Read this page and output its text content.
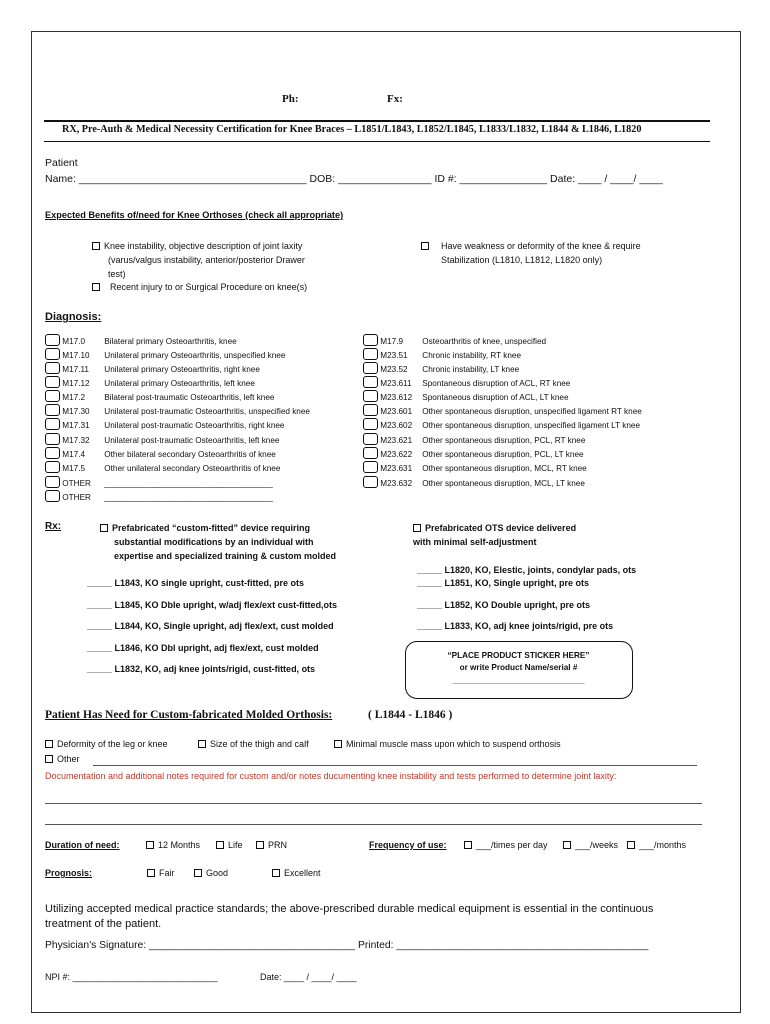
Ph:	Fx:
RX, Pre-Auth & Medical Necessity Certification for Knee Braces – L1851/L1843, L1852/L1845, L1833/L1832, L1844 & L1846, L1820
Patient
Name: _______________________________________ DOB: ________________ ID #: _______________ Date: ____ / ____/ ____
Expected Benefits of/need for Knee Orthoses (check all appropriate)
Knee instability, objective description of joint laxity
(varus/valgus instability, anterior/posterior Drawer
test)
Recent injury to or Surgical Procedure on knee(s)
Have weakness or deformity of the knee & require
Stabilization (L1810, L1812, L1820 only)
Diagnosis:
M17.0 Bilateral primary Osteoarthritis, knee
M17.10 Unilateral primary Osteoarthritis, unspecified knee
M17.11 Unilateral primary Osteoarthritis, right knee
M17.12 Unilateral primary Osteoarthritis, left knee
M17.2 Bilateral post-traumatic Osteoarthritis, left knee
M17.30 Unilateral post-traumatic Osteoarthritis, unspecified knee
M17.31 Unilateral post-traumatic Osteoarthritis, right knee
M17.32 Unilateral post-traumatic Osteoarthritis, left knee
M17.4 Other bilateral secondary Osteoarthritis of knee
M17.5 Other unilateral secondary Osteoarthritis of knee
OTHER _____________________________________
OTHER _____________________________________
M17.9 Osteoarthritis of knee, unspecified
M23.51 Chronic instability, RT knee
M23.52 Chronic instability, LT knee
M23.611 Spontaneous disruption of ACL, RT knee
M23.612 Spontaneous disruption of ACL, LT knee
M23.601 Other spontaneous disruption, unspecified ligament RT knee
M23.602 Other spontaneous disruption, unspecified ligament LT knee
M23.621 Other spontaneous disruption, PCL, RT knee
M23.622 Other spontaneous disruption, PCL, LT knee
M23.631 Other spontaneous disruption, MCL, RT knee
M23.632 Other spontaneous disruption, MCL, LT knee
Rx:	Prefabricated “custom-fitted” device requiring
substantial modifications by an individual with
expertise and specialized training & custom molded
Prefabricated OTS device delivered
with minimal self-adjustment
_____ L1843, KO single upright, cust-fitted, pre ots
_____ L1845, KO Dble upright, w/adj flex/ext cust-fitted,ots
_____ L1844, KO, Single upright, adj flex/ext, cust molded
_____ L1846, KO Dbl upright, adj flex/ext, cust molded
_____ L1832, KO, adj knee joints/rigid, cust-fitted, ots
_____ L1820, KO, Elestic, joints, condylar pads, ots
_____ L1851, KO, Single upright, pre ots
_____ L1852, KO Double upright, pre ots
_____ L1833, KO, adj knee joints/rigid, pre ots
“PLACE PRODUCT STICKER HERE”
or write Product Name/serial #
_____________________________
Patient Has Need for Custom-fabricated Molded Orthosis:	( L1844 - L1846 )
Deformity of the leg or knee	Size of the thigh and calf	Minimal muscle mass upon which to suspend orthosis
Other
Documentation and additional notes required for custom and/or notes ducumenting knee instability and tests performed to determine joint laxity:
Duration of need:	12 Months	Life	PRN	Frequency of use:	___/times per day	___/weeks	___/months
Prognosis:	Fair	Good	Excellent
Utilizing accepted medical practice standards; the above-prescribed durable medical equipment is essential in the continuous
treatment of the patient.
Physician’s Signature: ____________________________________ Printed: ____________________________________________
NPI #: _____________________________	Date: ____ / ____/ ____
